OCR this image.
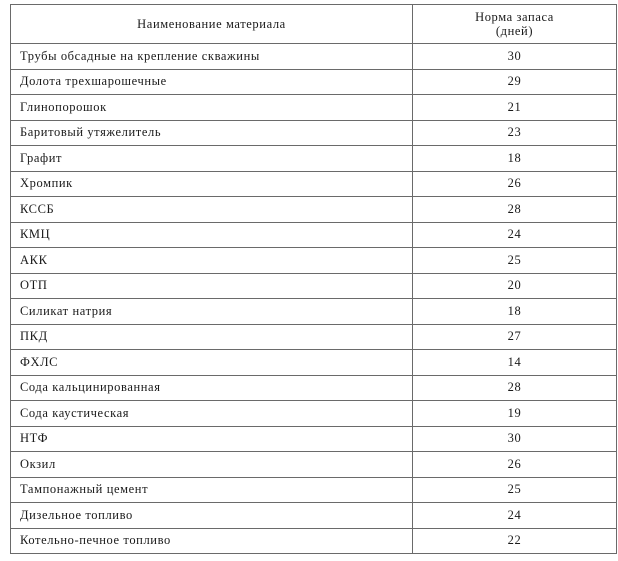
Наименование материала	Норма запаса
(дней)

Трубы обсадные на крепление скважины	30
Долота трехшарошечные	29
Глинопорошок	21
Баритовый утяжелитель	23
Графит	18
Хромпик	26
КССБ	28
КМЦ	24
АКК	25
ОТП	20
Силикат натрия	18
ПКД	27
ФХЛС	14
Сода кальцинированная	28
Сода каустическая	19
НТФ	30
Окзил	26
Тампонажный цемент	25
Дизельное топливо	24
Котельно-печное топливо	22
